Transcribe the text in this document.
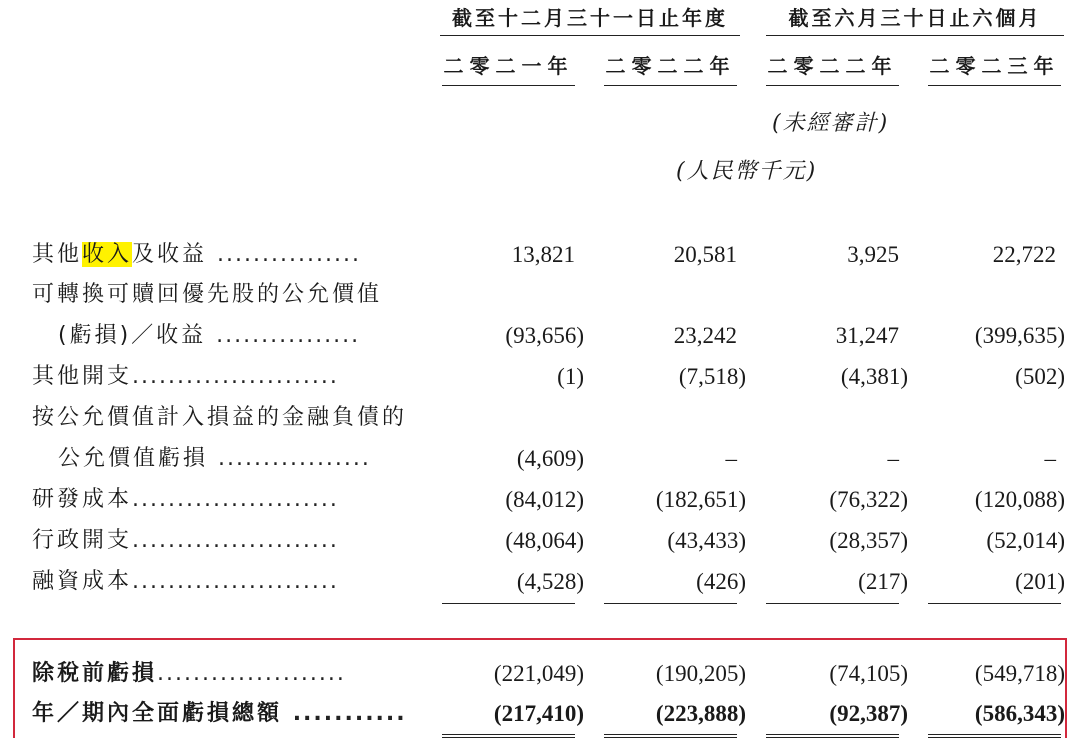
截至十二月三十一日止年度	截至六月三十日止六個月
二零二一年 二零二二年 二零二二年 二零二三年
(未經審計)
(人民幣千元)
其他收入及收益 ................	13,821	20,581	3,925	22,722
可轉換可贖回優先股的公允價值
(虧損)／收益 ................	(93,656)	23,242	31,247	(399,635)
其他開支.......................	(1)	(7,518)	(4,381)	(502)
按公允價值計入損益的金融負債的
公允價值虧損 .................	(4,609)	–	–	–
研發成本.......................	(84,012)	(182,651)	(76,322)	(120,088)
行政開支.......................	(48,064)	(43,433)	(28,357)	(52,014)
融資成本.......................	(4,528)	(426)	(217)	(201)
除稅前虧損.....................	(221,049)	(190,205)	(74,105)	(549,718)
年／期內全面虧損總額 ...........	(217,410)	(223,888)	(92,387)	(586,343)
